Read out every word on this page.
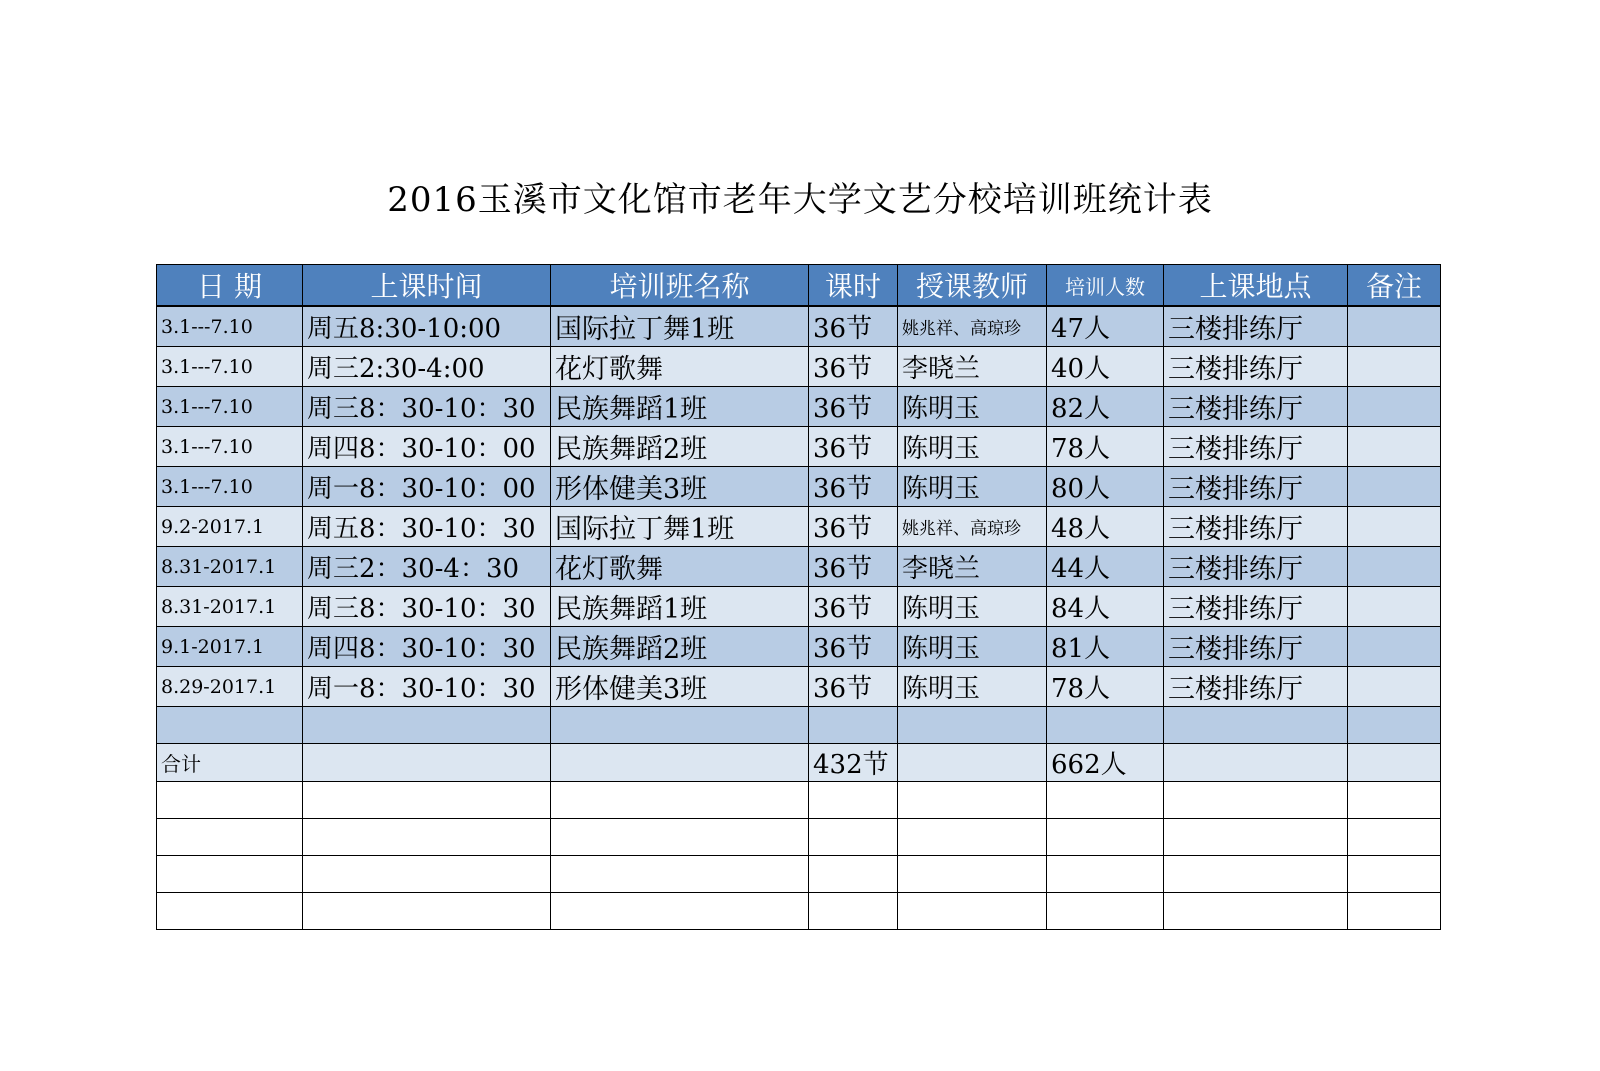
2016玉溪市文化馆市老年大学文艺分校培训班统计表
日 期	上课时间	培训班名称	课时	授课教师	培训人数	上课地点	备注
3.1---7.10	周五8:30-10:00	国际拉丁舞1班	36节	姚兆祥、高琼珍	47人	三楼排练厅	
3.1---7.10	周三2:30-4:00	花灯歌舞	36节	李晓兰	40人	三楼排练厅	
3.1---7.10	周三8：30-10：30	民族舞蹈1班	36节	陈明玉	82人	三楼排练厅	
3.1---7.10	周四8：30-10：00	民族舞蹈2班	36节	陈明玉	78人	三楼排练厅	
3.1---7.10	周一8：30-10：00	形体健美3班	36节	陈明玉	80人	三楼排练厅	
9.2-2017.1	周五8：30-10：30	国际拉丁舞1班	36节	姚兆祥、高琼珍	48人	三楼排练厅	
8.31-2017.1	周三2：30-4：30	花灯歌舞	36节	李晓兰	44人	三楼排练厅	
8.31-2017.1	周三8：30-10：30	民族舞蹈1班	36节	陈明玉	84人	三楼排练厅	
9.1-2017.1	周四8：30-10：30	民族舞蹈2班	36节	陈明玉	81人	三楼排练厅	
8.29-2017.1	周一8：30-10：30	形体健美3班	36节	陈明玉	78人	三楼排练厅	

合计			432节		662人		
